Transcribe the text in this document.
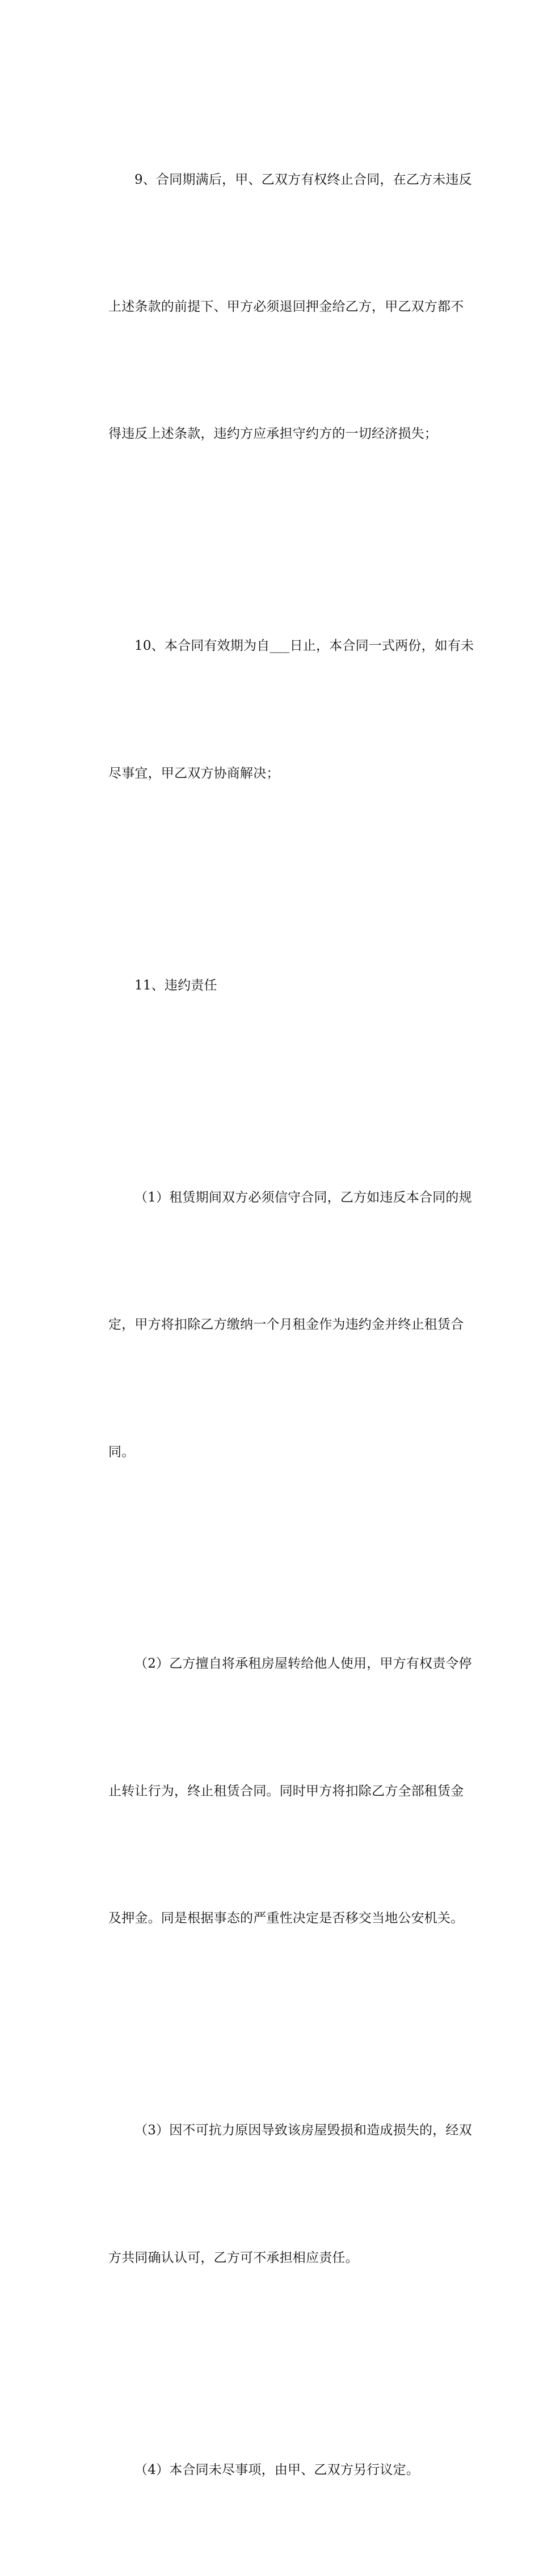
9、合同期满后，甲、乙双方有权终止合同，在乙方未违反

上述条款的前提下、甲方必须退回押金给乙方，甲乙双方都不

得违反上述条款，违约方应承担守约方的一切经济损失；

10、本合同有效期为自___日止，本合同一式两份，如有未

尽事宜，甲乙双方协商解决；

11、违约责任

（1）租赁期间双方必须信守合同，乙方如违反本合同的规

定，甲方将扣除乙方缴纳一个月租金作为违约金并终止租赁合

同。

（2）乙方擅自将承租房屋转给他人使用，甲方有权责令停

止转让行为，终止租赁合同。同时甲方将扣除乙方全部租赁金

及押金。同是根据事态的严重性决定是否移交当地公安机关。

（3）因不可抗力原因导致该房屋毁损和造成损失的，经双

方共同确认认可，乙方可不承担相应责任。

（4）本合同未尽事项，由甲、乙双方另行议定。
